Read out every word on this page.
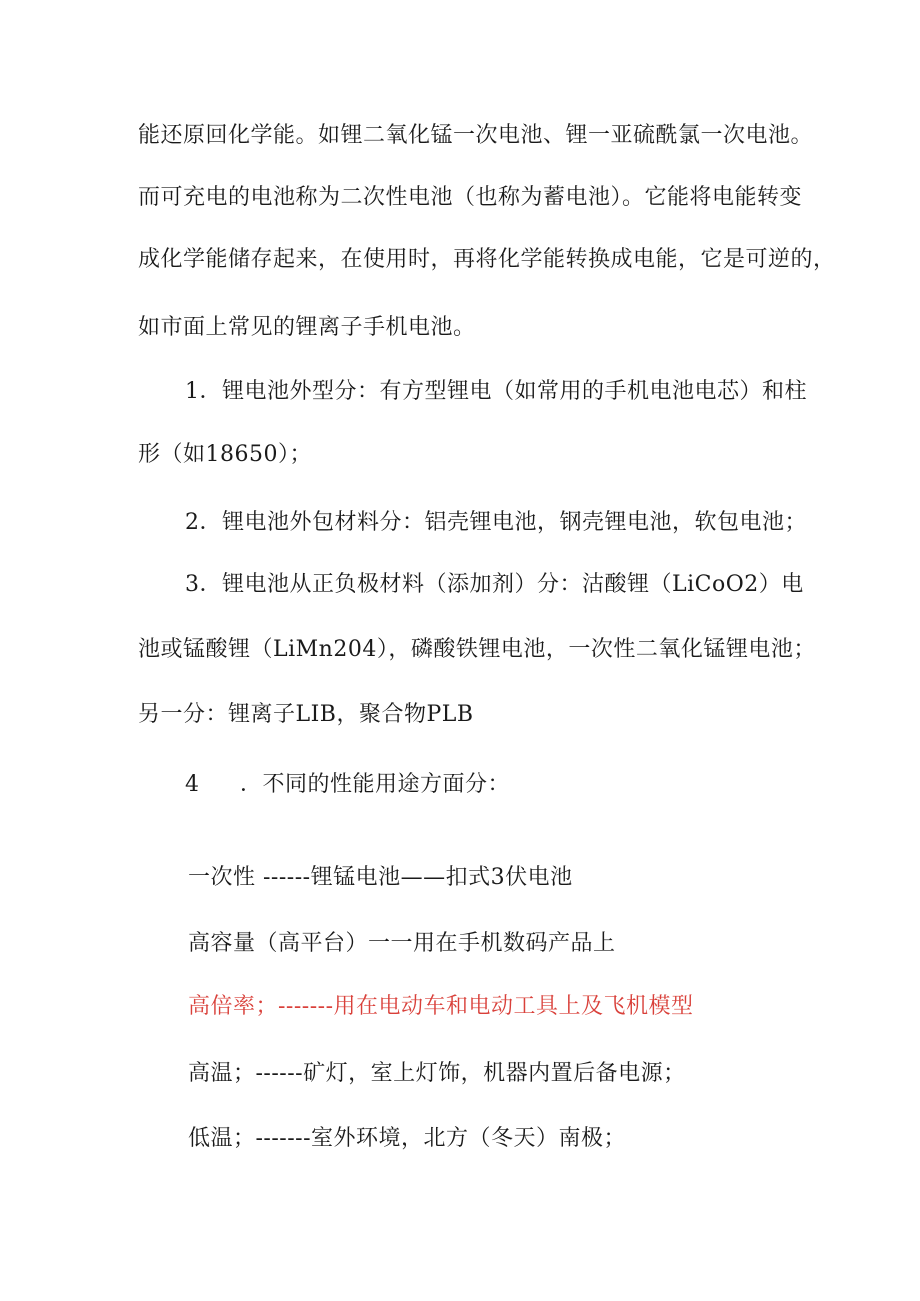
能还原回化学能。如锂二氧化锰一次电池、锂一亚硫酰氯一次电池。
而可充电的电池称为二次性电池（也称为蓄电池）。它能将电能转变
成化学能储存起来，在使用时，再将化学能转换成电能，它是可逆的，
如市面上常见的锂离子手机电池。
1．锂电池外型分：有方型锂电（如常用的手机电池电芯）和柱
形（如18650）；
2．锂电池外包材料分：铝壳锂电池，钢壳锂电池，软包电池；
3．锂电池从正负极材料（添加剂）分：沽酸锂（LiCoO2）电
池或锰酸锂（LiMn204），磷酸铁锂电池，一次性二氧化锰锂电池；
另一分：锂离子LIB，聚合物PLB
4 ．不同的性能用途方面分：
一次性 ------锂锰电池——扣式3伏电池
高容量（高平台）一一用在手机数码产品上
高倍率；-------用在电动车和电动工具上及飞机模型
高温；------矿灯，室上灯饰，机器内置后备电源；
低温；-------室外环境，北方（冬天）南极；
